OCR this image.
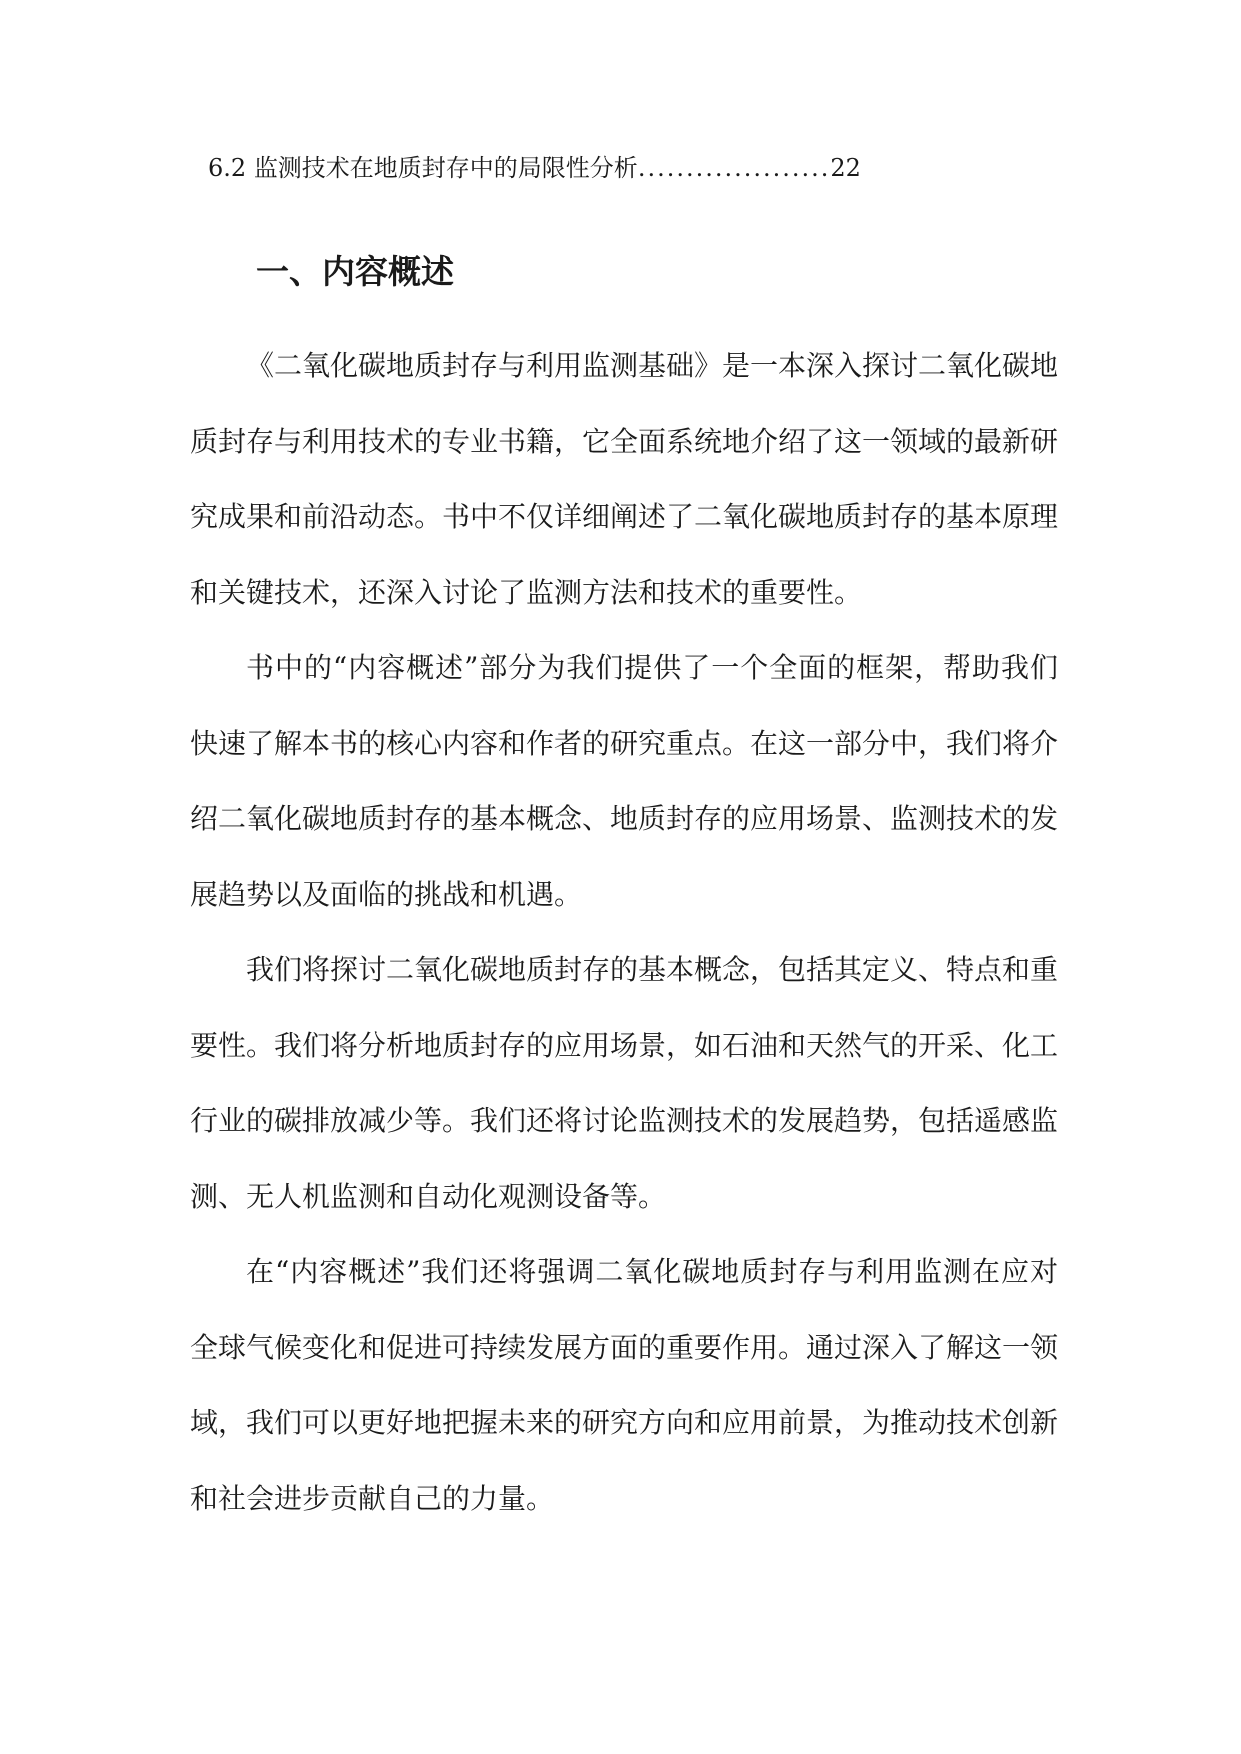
6.2 监测技术在地质封存中的局限性分析....................22
一、内容概述

《二氧化碳地质封存与利用监测基础》是一本深入探讨二氧化碳地质封存与利用技术的专业书籍，它全面系统地介绍了这一领域的最新研究成果和前沿动态。书中不仅详细阐述了二氧化碳地质封存的基本原理和关键技术，还深入讨论了监测方法和技术的重要性。

书中的“内容概述”部分为我们提供了一个全面的框架，帮助我们快速了解本书的核心内容和作者的研究重点。在这一部分中，我们将介绍二氧化碳地质封存的基本概念、地质封存的应用场景、监测技术的发展趋势以及面临的挑战和机遇。

我们将探讨二氧化碳地质封存的基本概念，包括其定义、特点和重要性。我们将分析地质封存的应用场景，如石油和天然气的开采、化工行业的碳排放减少等。我们还将讨论监测技术的发展趋势，包括遥感监测、无人机监测和自动化观测设备等。

在“内容概述”我们还将强调二氧化碳地质封存与利用监测在应对全球气候变化和促进可持续发展方面的重要作用。通过深入了解这一领域，我们可以更好地把握未来的研究方向和应用前景，为推动技术创新和社会进步贡献自己的力量。
